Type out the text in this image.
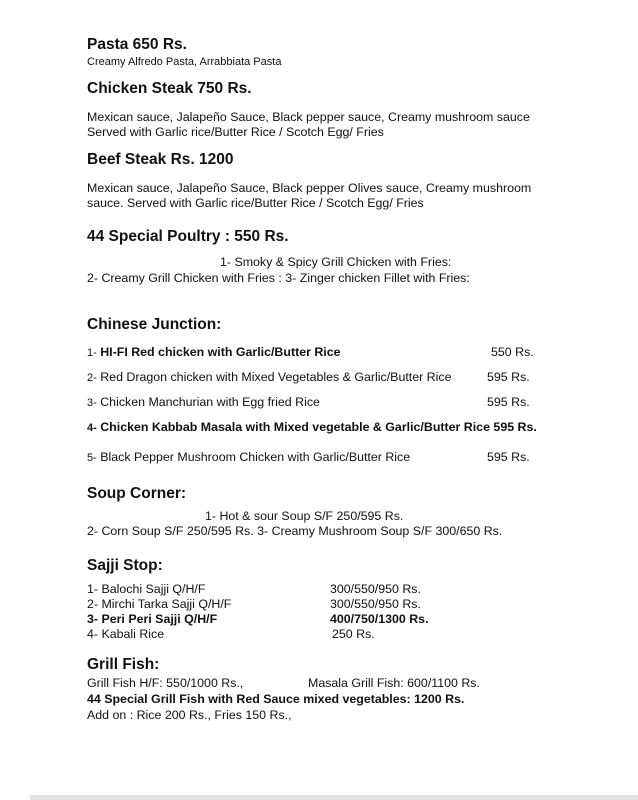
Pasta 650 Rs.
Creamy Alfredo Pasta, Arrabbiata Pasta
Chicken Steak 750 Rs.
Mexican sauce, Jalapeño Sauce, Black pepper sauce, Creamy mushroom sauce
Served with Garlic rice/Butter Rice / Scotch Egg/ Fries
Beef Steak Rs. 1200
Mexican sauce, Jalapeño Sauce, Black pepper Olives sauce, Creamy mushroom
sauce. Served with Garlic rice/Butter Rice / Scotch Egg/ Fries
44 Special Poultry : 550 Rs.
1- Smoky & Spicy Grill Chicken with Fries:
2- Creamy Grill Chicken with Fries : 3- Zinger chicken Fillet with Fries:
Chinese Junction:
1- HI-FI Red chicken with Garlic/Butter Rice	550 Rs.
2- Red Dragon chicken with Mixed Vegetables & Garlic/Butter Rice	595 Rs.
3- Chicken Manchurian with Egg fried Rice	595 Rs.
4- Chicken Kabbab Masala with Mixed vegetable & Garlic/Butter Rice 595 Rs.
5- Black Pepper Mushroom Chicken with Garlic/Butter Rice	595 Rs.
Soup Corner:
1- Hot & sour Soup S/F 250/595 Rs.
2- Corn Soup S/F 250/595 Rs. 3- Creamy Mushroom Soup S/F 300/650 Rs.
Sajji Stop:
1- Balochi Sajji Q/H/F	300/550/950 Rs.
2- Mirchi Tarka Sajji Q/H/F	300/550/950 Rs.
3- Peri Peri Sajji Q/H/F	400/750/1300 Rs.
4- Kabali Rice	250 Rs.
Grill Fish:
Grill Fish H/F: 550/1000 Rs.,	Masala Grill Fish: 600/1100 Rs.
44 Special Grill Fish with Red Sauce mixed vegetables: 1200 Rs.
Add on : Rice 200 Rs., Fries 150 Rs.,
